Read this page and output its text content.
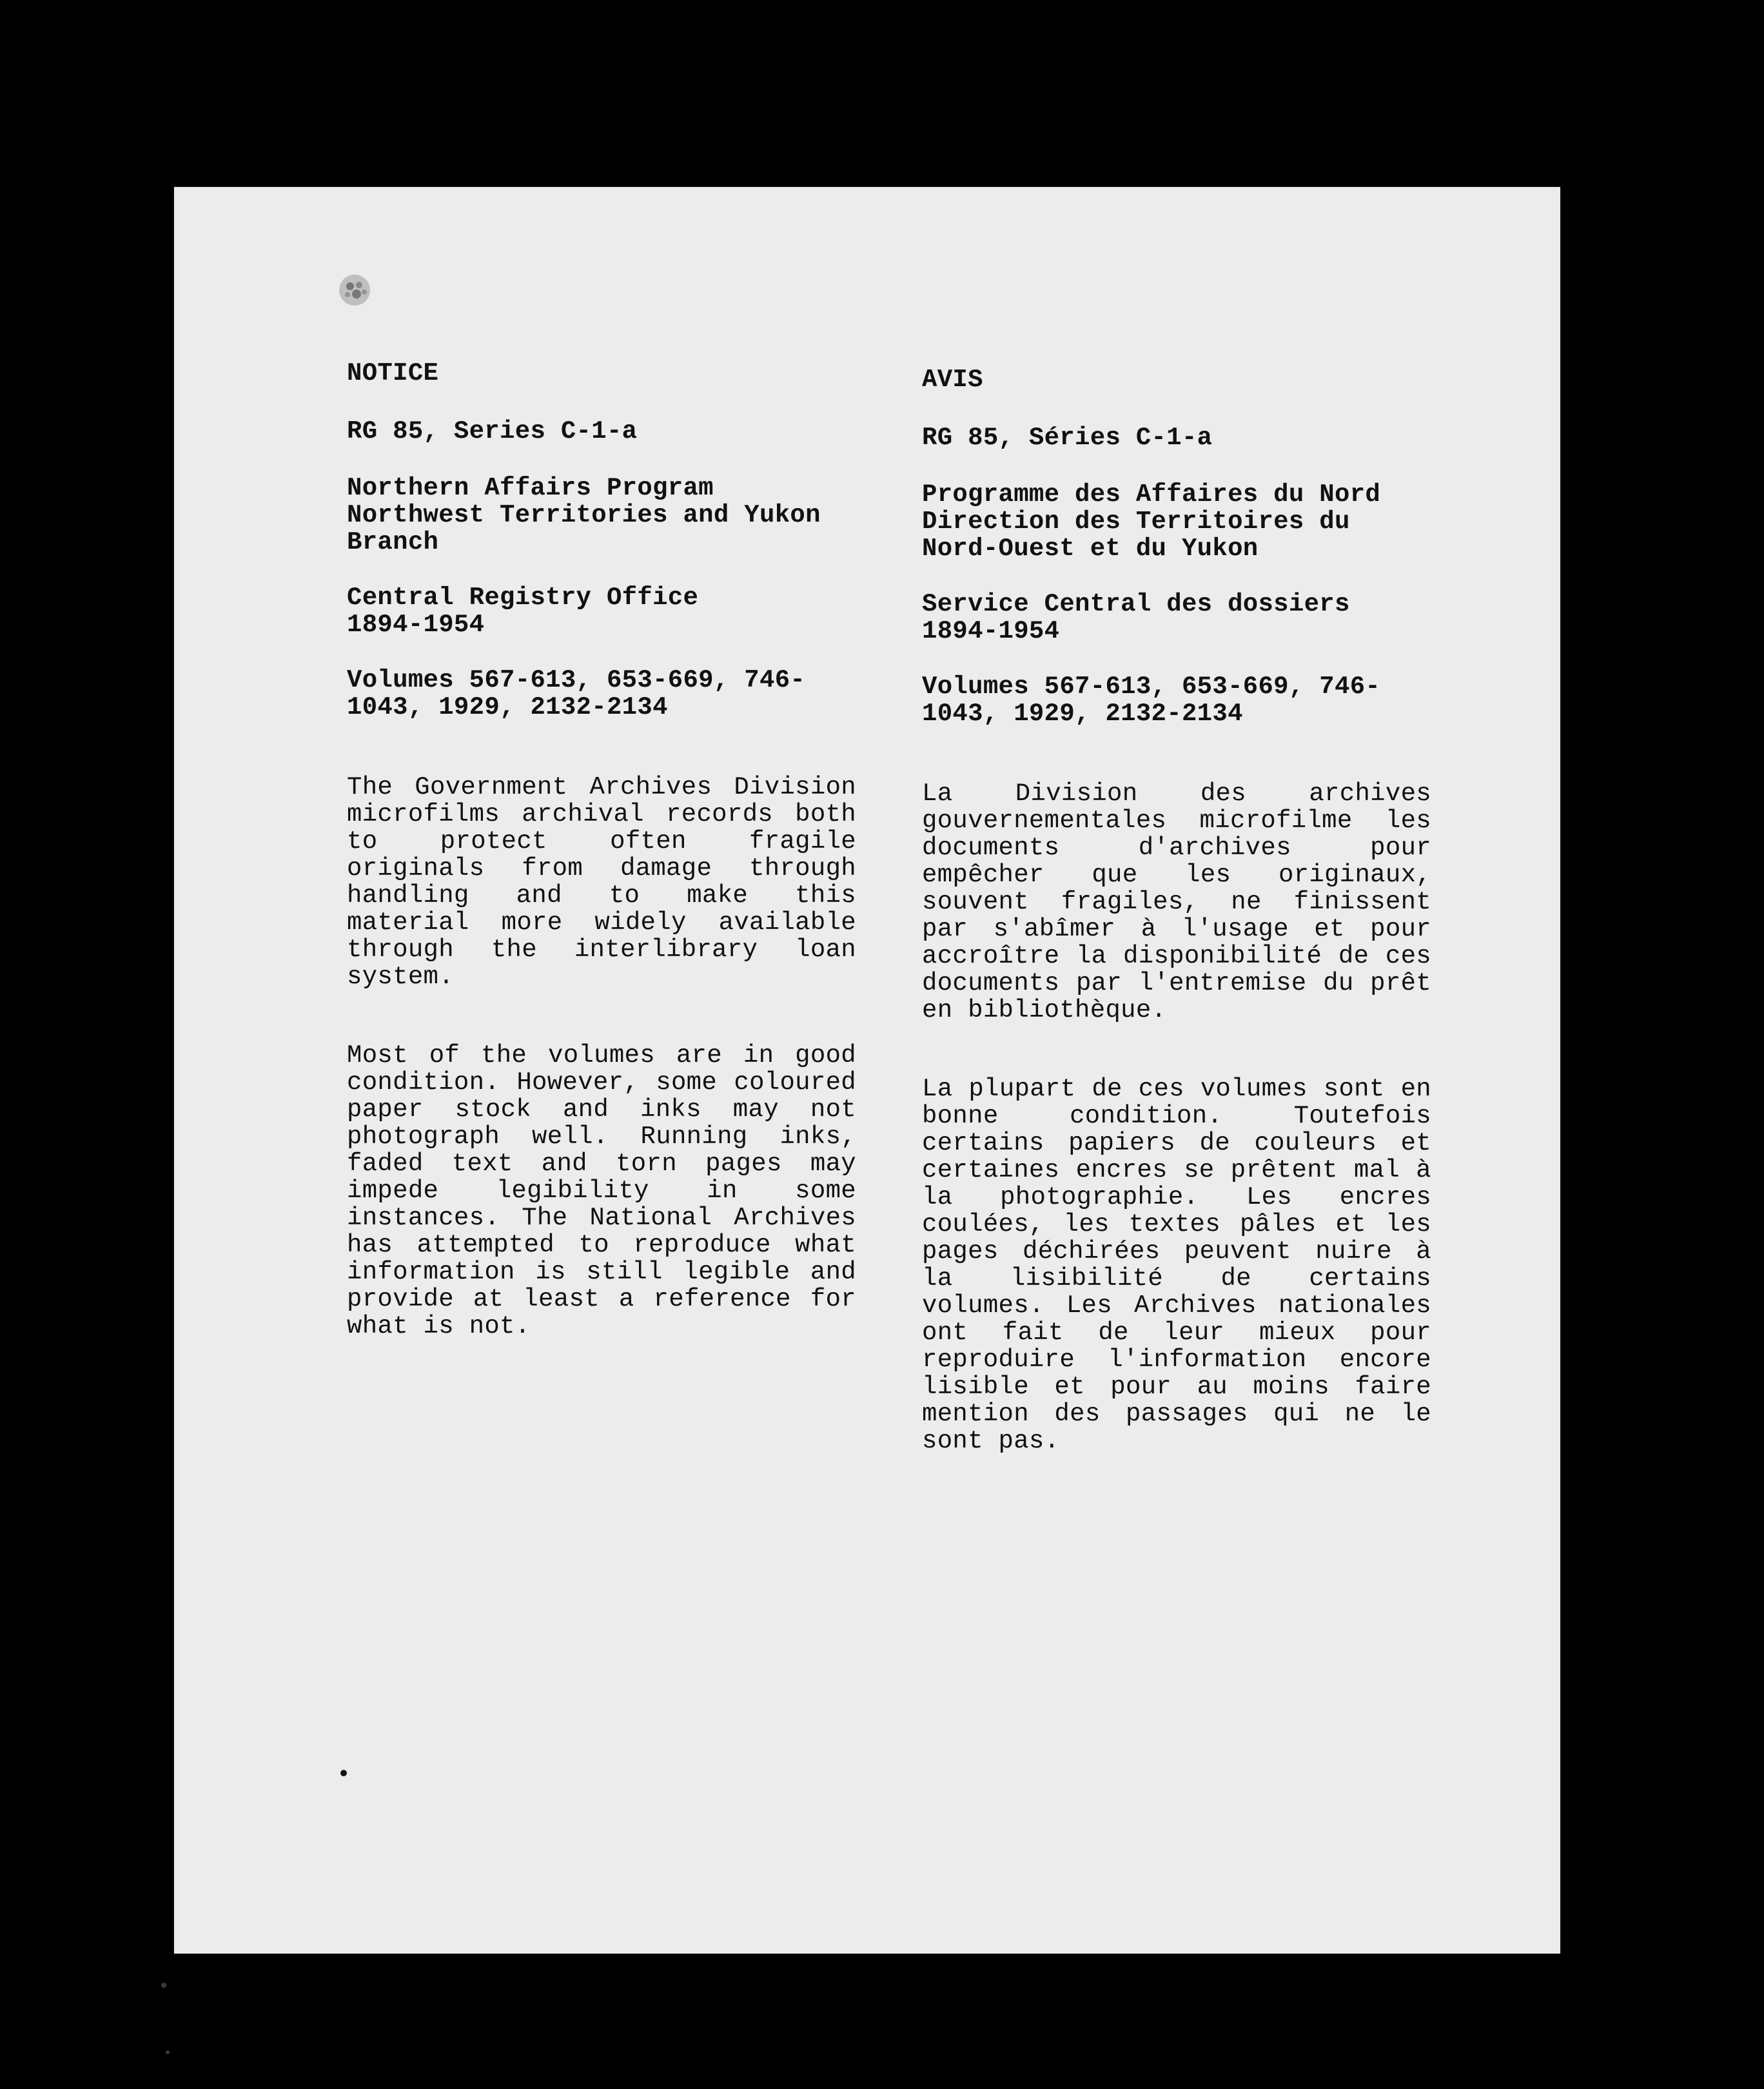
NOTICE
RG 85, Series C-1-a
Northern Affairs Program
Northwest Territories and Yukon
Branch
Central Registry Office
1894-1954
Volumes 567-613, 653-669, 746-
1043, 1929, 2132-2134

The Government Archives Division microfilms archival records both to protect often fragile originals from damage through handling and to make this material more widely available through the interlibrary loan system.

Most of the volumes are in good condition. However, some coloured paper stock and inks may not photograph well. Running inks, faded text and torn pages may impede legibility in some instances. The National Archives has attempted to reproduce what information is still legible and provide at least a reference for what is not.

AVIS
RG 85, Séries C-1-a
Programme des Affaires du Nord
Direction des Territoires du
Nord-Ouest et du Yukon
Service Central des dossiers
1894-1954
Volumes 567-613, 653-669, 746-
1043, 1929, 2132-2134

La Division des archives gouvernementales microfilme les documents d'archives pour empêcher que les originaux, souvent fragiles, ne finissent par s'abîmer à l'usage et pour accroître la disponibilité de ces documents par l'entremise du prêt en bibliothèque.

La plupart de ces volumes sont en bonne condition. Toutefois certains papiers de couleurs et certaines encres se prêtent mal à la photographie. Les encres coulées, les textes pâles et les pages déchirées peuvent nuire à la lisibilité de certains volumes. Les Archives nationales ont fait de leur mieux pour reproduire l'information encore lisible et pour au moins faire mention des passages qui ne le sont pas.
